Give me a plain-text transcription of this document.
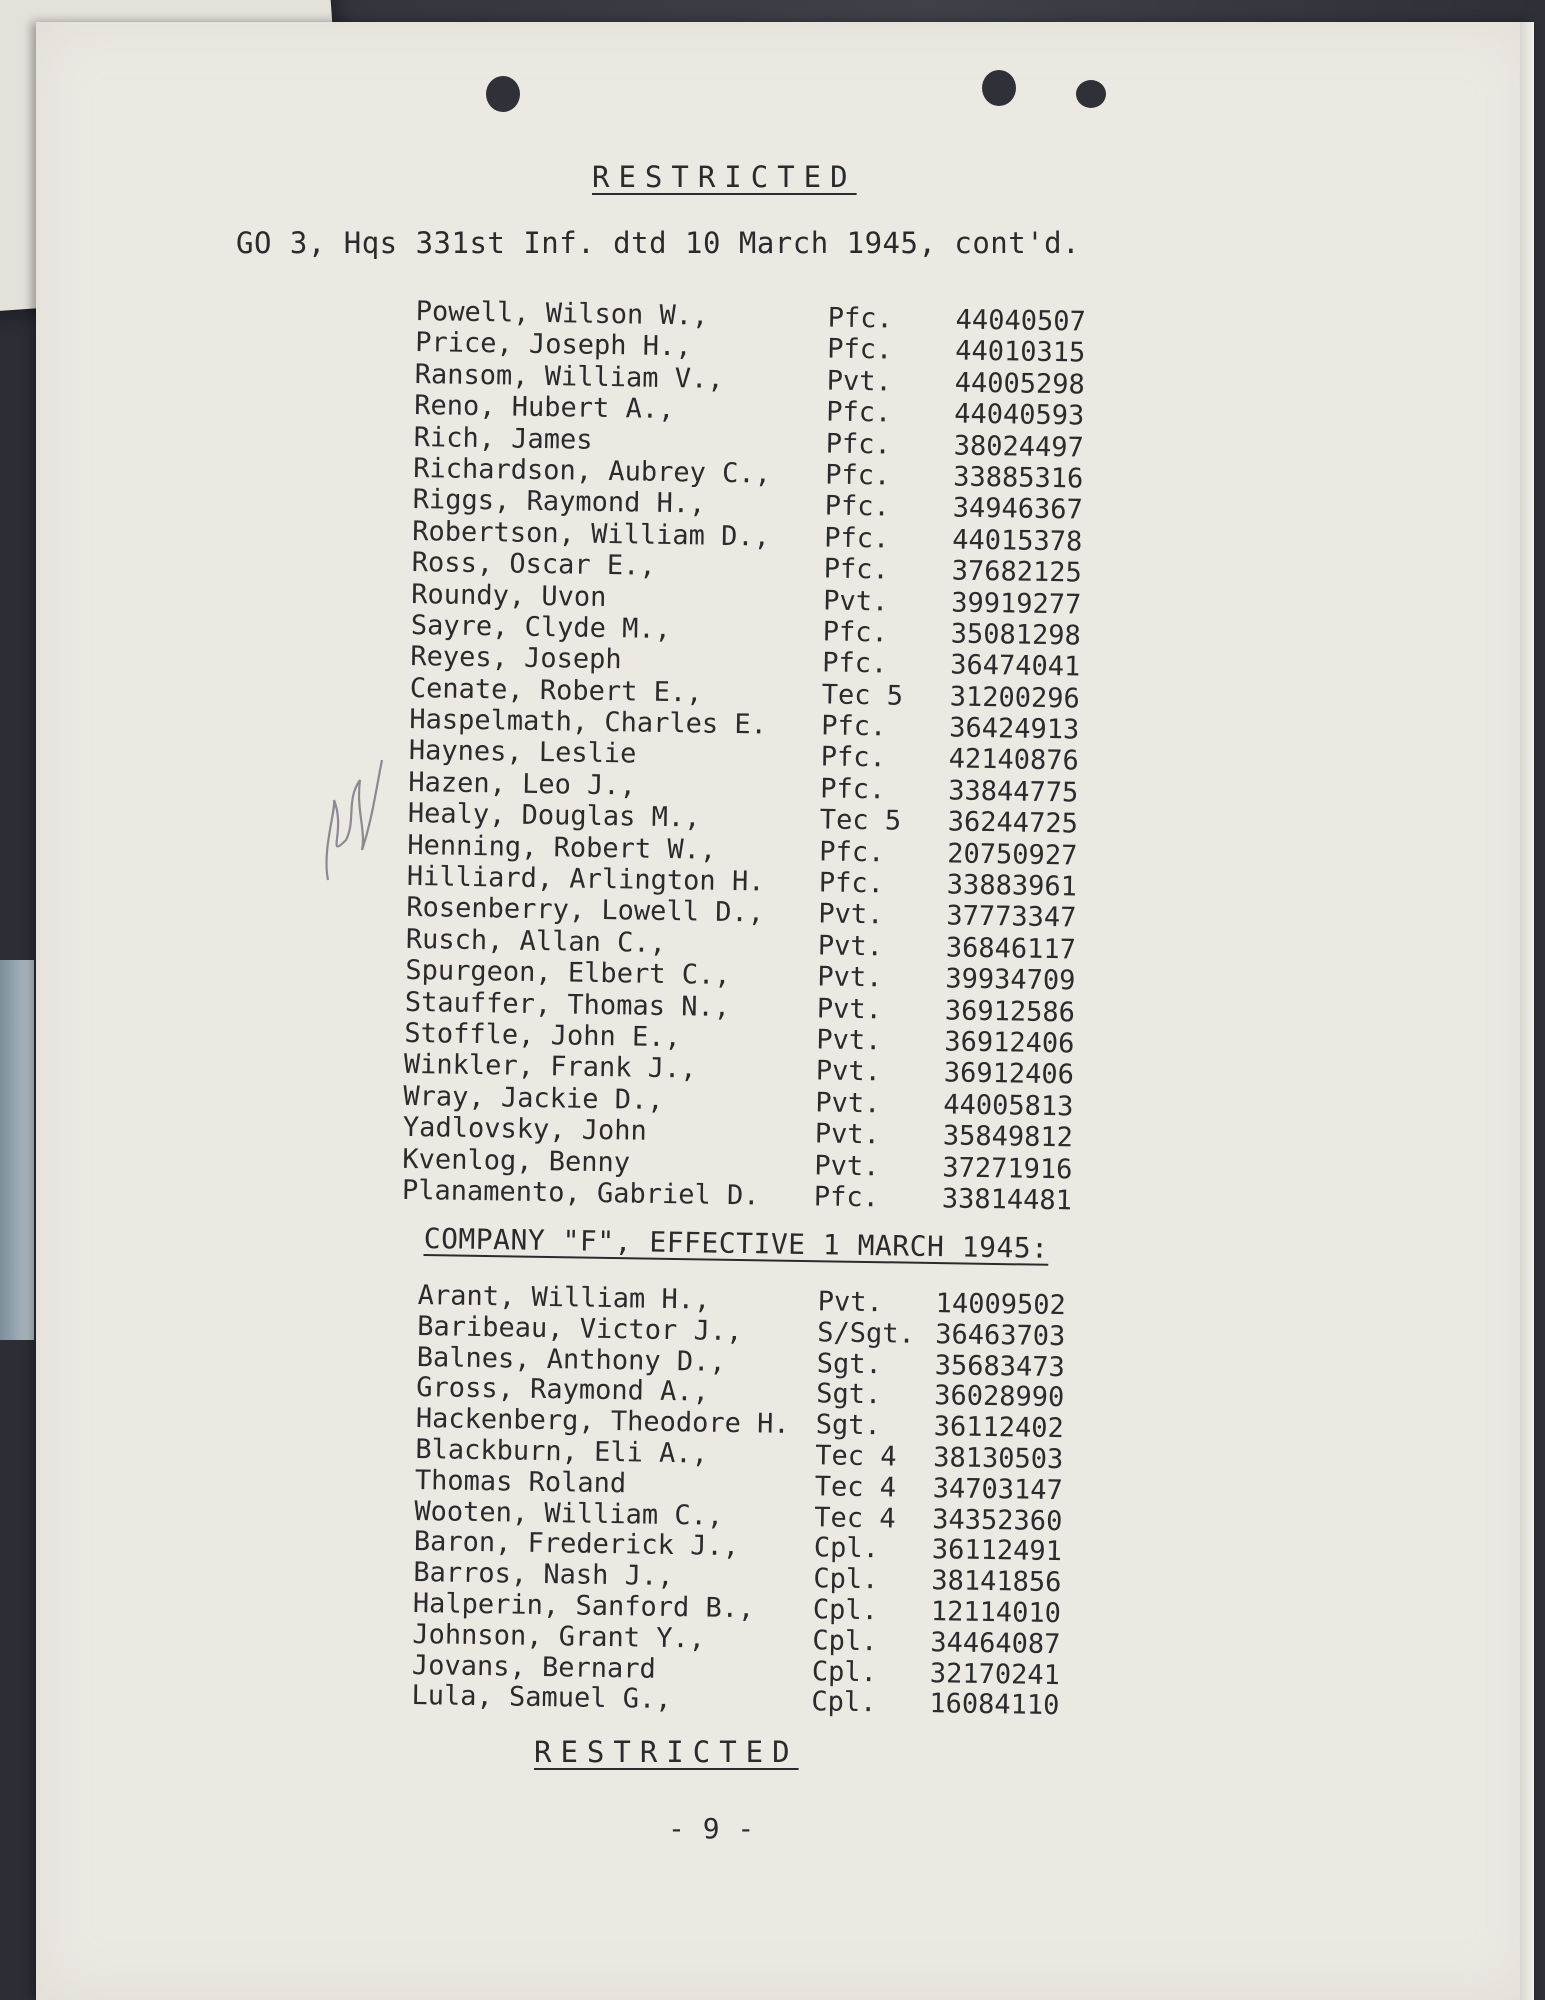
RESTRICTED
GO 3, Hqs 331st Inf. dtd 10 March 1945, cont'd.
Powell, Wilson W.,	Pfc. 44040507
Price, Joseph H.,	Pfc. 44010315
Ransom, William V.,	Pvt. 44005298
Reno, Hubert A.,	Pfc. 44040593
Rich, James	Pfc. 38024497
Richardson, Aubrey C., Pfc. 33885316
Riggs, Raymond H.,	Pfc. 34946367
Robertson, William D., Pfc. 44015378
Ross, Oscar E.,	Pfc. 37682125
Roundy, Uvon	Pvt. 39919277
Sayre, Clyde M.,	Pfc. 35081298
Reyes, Joseph	Pfc. 36474041
Cenate, Robert E.,	Tec 5 31200296
Haspelmath, Charles E. Pfc. 36424913
Haynes, Leslie	Pfc. 42140876
Hazen, Leo J.,	Pfc. 33844775
Healy, Douglas M.,	Tec 5 36244725
Henning, Robert W.,	Pfc. 20750927
Hilliard, Arlington H. Pfc. 33883961
Rosenberry, Lowell D., Pvt. 37773347
Rusch, Allan C.,	Pvt. 36846117
Spurgeon, Elbert C.,	Pvt. 39934709
Stauffer, Thomas N.,	Pvt. 36912586
Stoffle, John E.,	Pvt. 36912406
Winkler, Frank J.,	Pvt. 36912406
Wray, Jackie D.,	Pvt. 44005813
Yadlovsky, John	Pvt. 35849812
Kvenlog, Benny	Pvt. 37271916
Planamento, Gabriel D. Pfc. 33814481
COMPANY "F", EFFECTIVE 1 MARCH 1945:
Arant, William H.,	Pvt. 14009502
Baribeau, Victor J.,	S/Sgt. 36463703
Balnes, Anthony D.,	Sgt. 35683473
Gross, Raymond A.,	Sgt. 36028990
Hackenberg, Theodore H. Sgt. 36112402
Blackburn, Eli A.,	Tec 4 38130503
Thomas Roland	Tec 4 34703147
Wooten, William C.,	Tec 4 34352360
Baron, Frederick J.,	Cpl. 36112491
Barros, Nash J.,	Cpl. 38141856
Halperin, Sanford B., Cpl. 12114010
Johnson, Grant Y.,	Cpl. 34464087
Jovans, Bernard	Cpl. 32170241
Lula, Samuel G.,	Cpl. 16084110
RESTRICTED
- 9 -
